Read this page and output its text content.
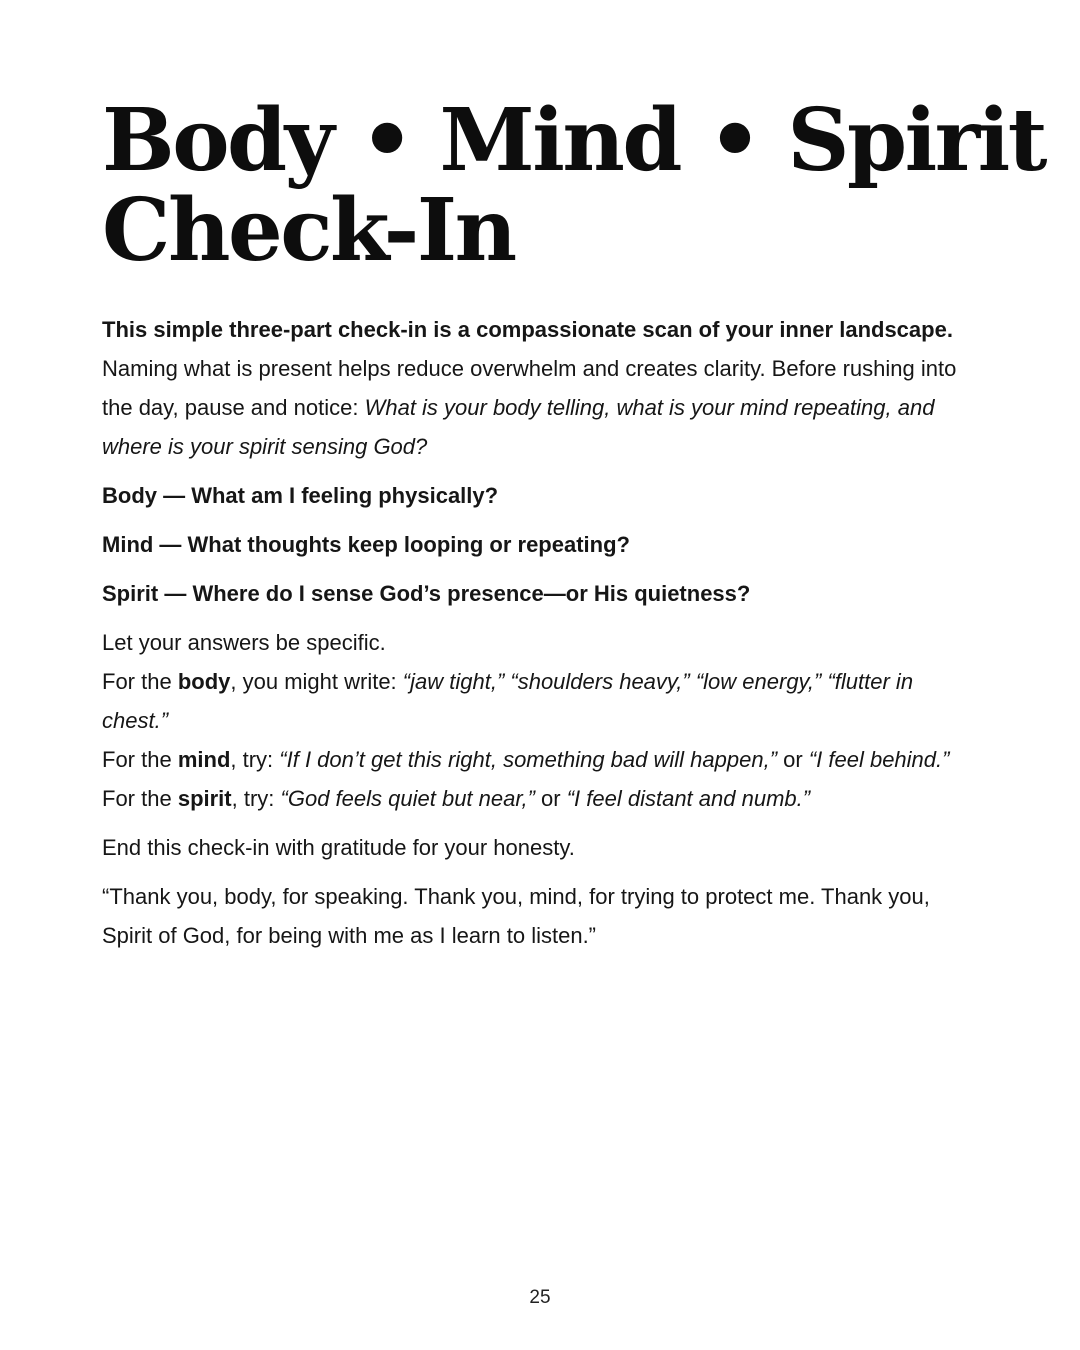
Body • Mind • Spirit
Check-In

This simple three-part check-in is a compassionate scan of your inner landscape.
Naming what is present helps reduce overwhelm and creates clarity. Before rushing into the day, pause and notice: What is your body telling, what is your mind repeating, and where is your spirit sensing God?

Body — What am I feeling physically?

Mind — What thoughts keep looping or repeating?

Spirit — Where do I sense God’s presence—or His quietness?

Let your answers be specific.
For the body, you might write: “jaw tight,” “shoulders heavy,” “low energy,” “flutter in chest.”
For the mind, try: “If I don’t get this right, something bad will happen,” or “I feel behind.”
For the spirit, try: “God feels quiet but near,” or “I feel distant and numb.”

End this check-in with gratitude for your honesty.

“Thank you, body, for speaking. Thank you, mind, for trying to protect me. Thank you, Spirit of God, for being with me as I learn to listen.”

25
